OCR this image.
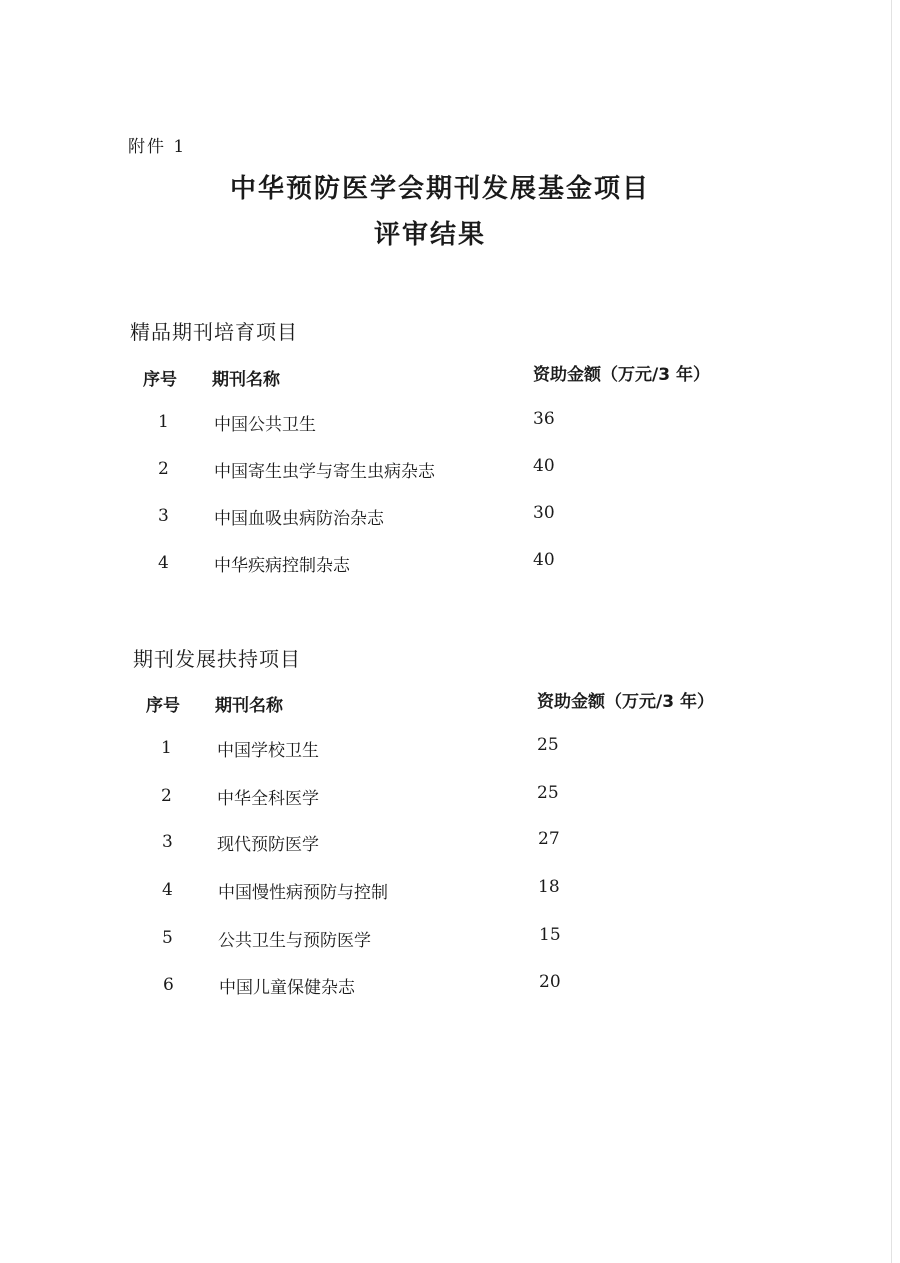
附件 1
中华预防医学会期刊发展基金项目
评审结果
精品期刊培育项目
序号 期刊名称	资助金额（万元/3 年）
1	中国公共卫生	36
2	中国寄生虫学与寄生虫病杂志	40
3	中国血吸虫病防治杂志	30
4	中华疾病控制杂志	40
期刊发展扶持项目
序号 期刊名称	资助金额（万元/3 年）
1	中国学校卫生	25
2	中华全科医学	25
3	现代预防医学	27
4	中国慢性病预防与控制	18
5	公共卫生与预防医学	15
6	中国儿童保健杂志	20
